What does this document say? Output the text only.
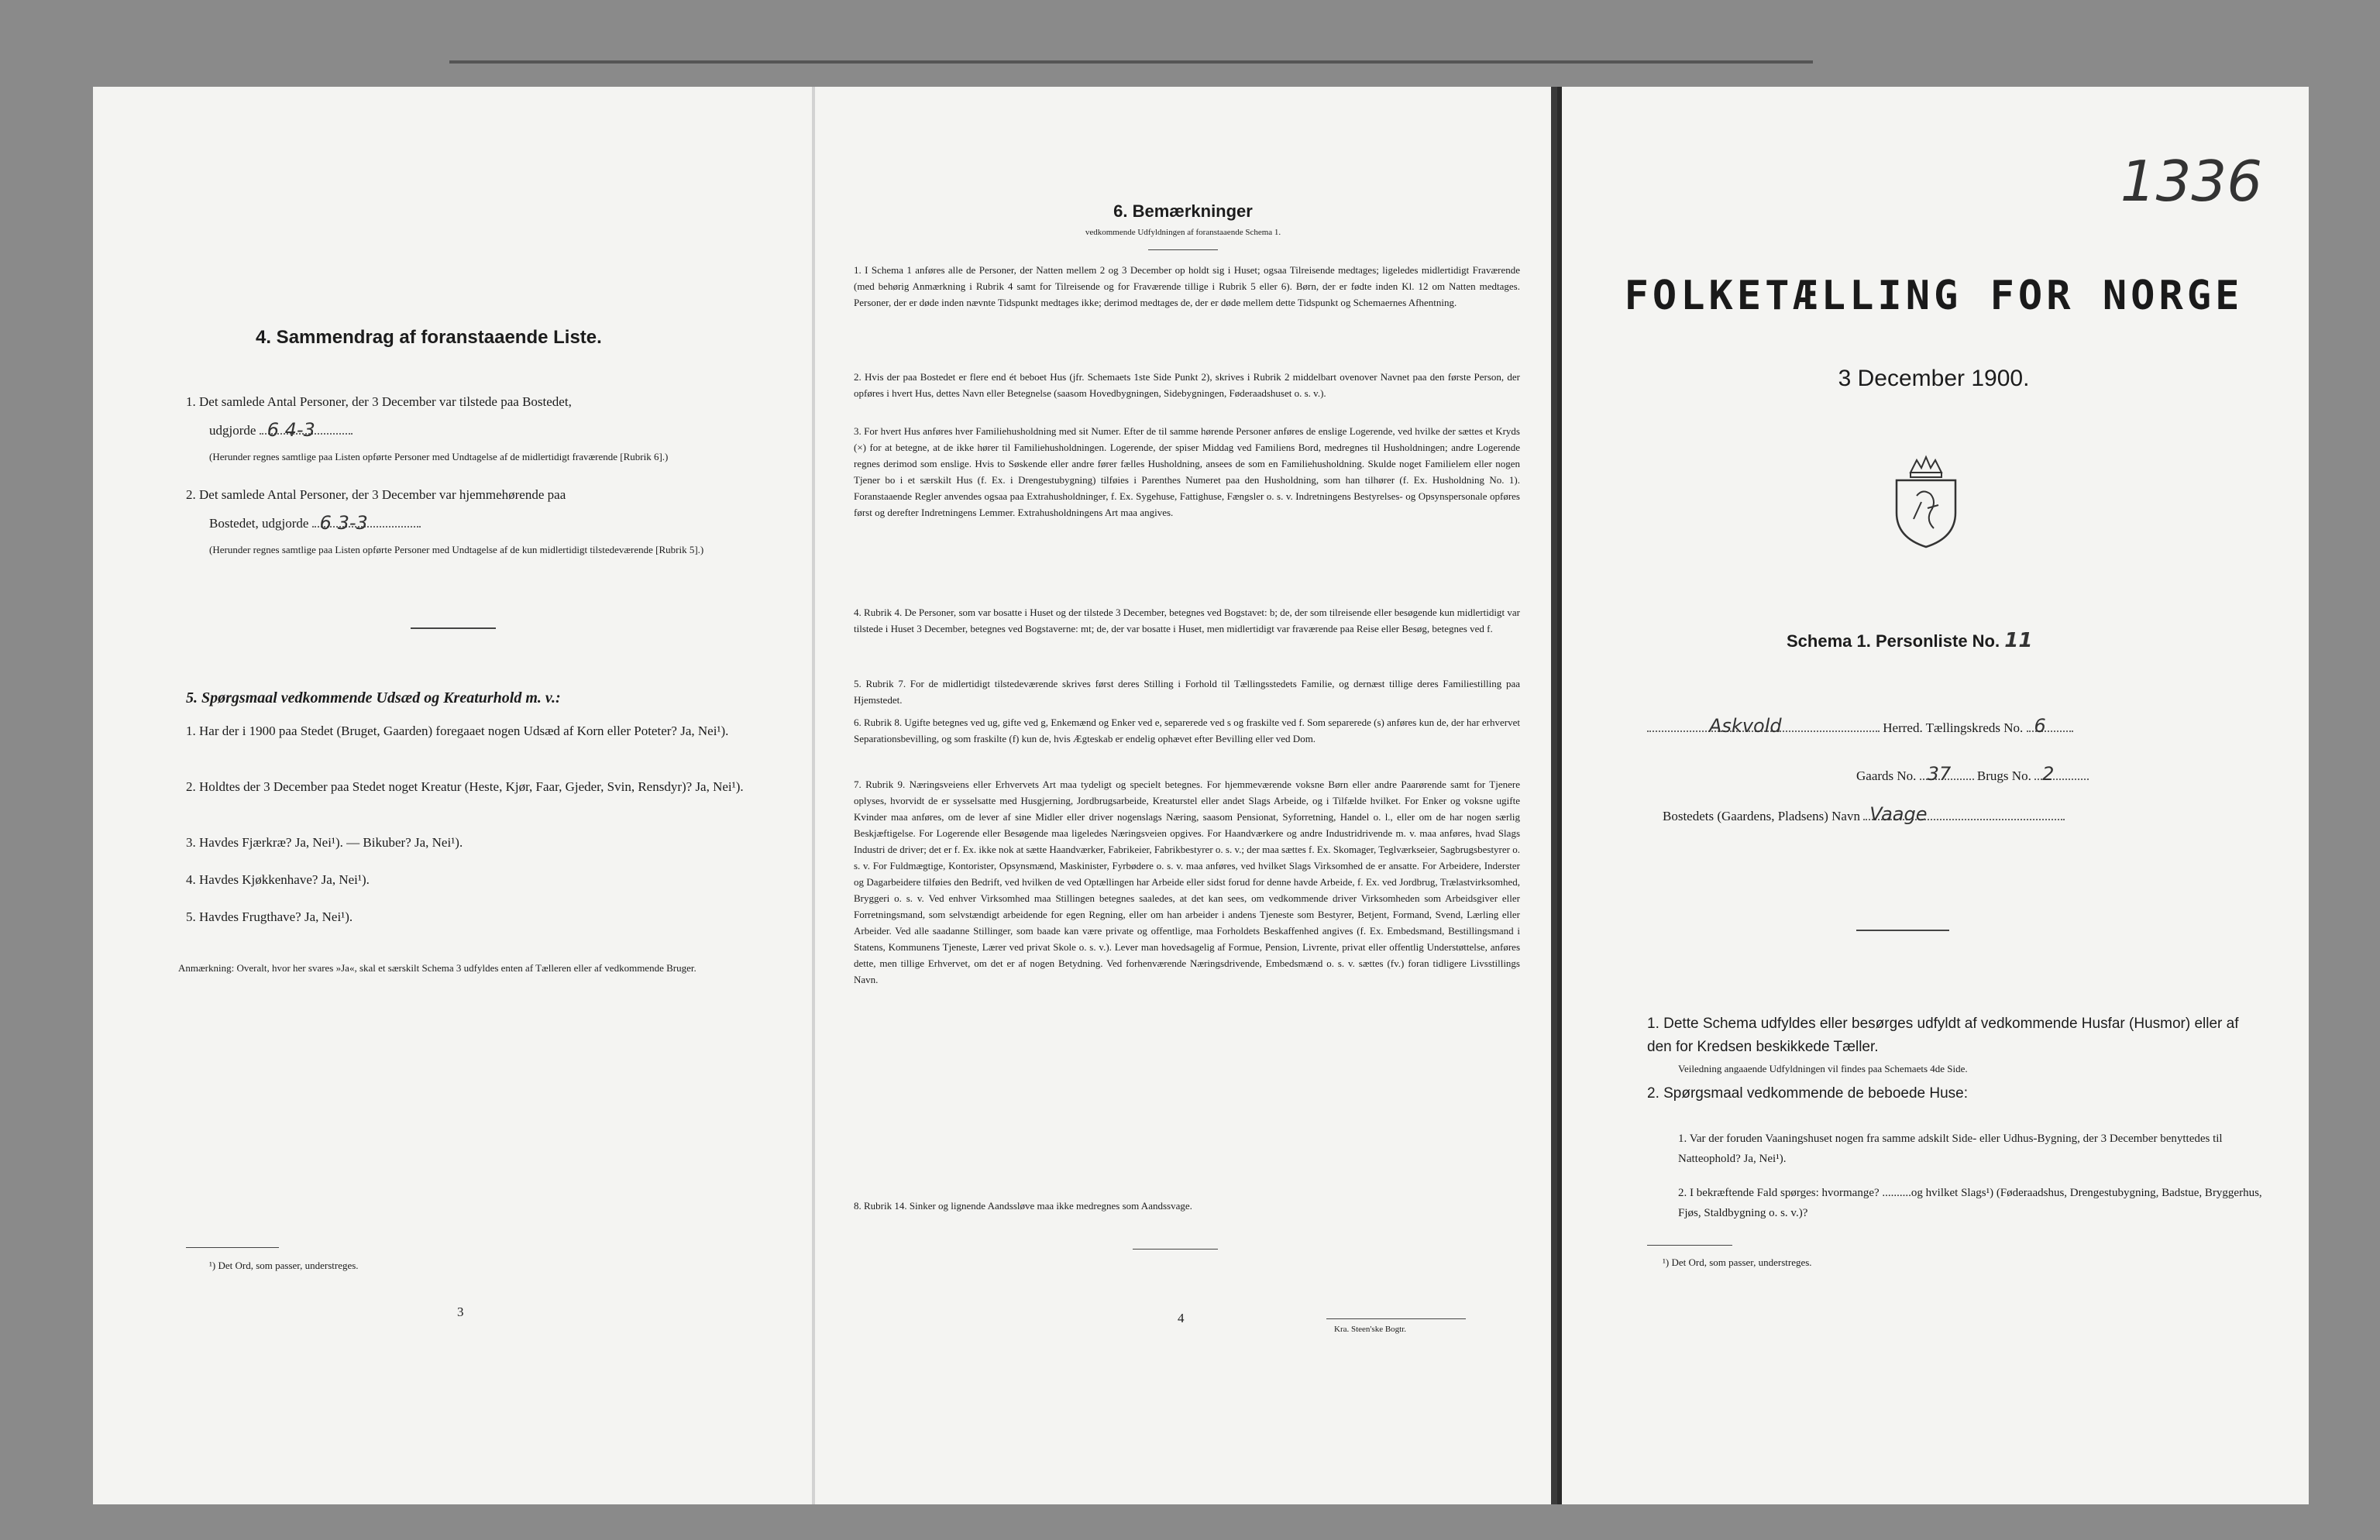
4. Sammendrag af foranstaaende Liste.
1. Det samlede Antal Personer, der 3 December var tilstede paa Bostedet,
udgjorde 6 4-3
(Herunder regnes samtlige paa Listen opførte Personer med Undtagelse af de midlertidigt fraværende [Rubrik 6].)
2. Det samlede Antal Personer, der 3 December var hjemmehørende paa
Bostedet, udgjorde 6 3-3
(Herunder regnes samtlige paa Listen opførte Personer med Undtagelse af de kun midlertidigt tilstedeværende [Rubrik 5].)
5. Spørgsmaal vedkommende Udsæd og Kreaturhold m. v.:
1. Har der i 1900 paa Stedet (Bruget, Gaarden) foregaaet nogen Udsæd af Korn eller Poteter? Ja, Nei¹).
2. Holdtes der 3 December paa Stedet noget Kreatur (Heste, Kjør, Faar, Gjeder, Svin, Rensdyr)? Ja, Nei¹).
3. Havdes Fjærkræ? Ja, Nei¹). — Bikuber? Ja, Nei¹).
4. Havdes Kjøkkenhave? Ja, Nei¹).
5. Havdes Frugthave? Ja, Nei¹).
Anmærkning: Overalt, hvor her svares »Ja«, skal et særskilt Schema 3 udfyldes enten af Tælleren eller af vedkommende Bruger.
¹) Det Ord, som passer, understreges.
3
6. Bemærkninger
vedkommende Udfyldningen af foranstaaende Schema 1.
1. I Schema 1 anføres alle de Personer, der Natten mellem 2 og 3 December op holdt sig i Huset; ogsaa Tilreisende medtages; ligeledes midlertidigt Fraværende (med behørig Anmærkning i Rubrik 4 samt for Tilreisende og for Fraværende tillige i Rubrik 5 eller 6). Børn, der er fødte inden Kl. 12 om Natten medtages. Personer, der er døde inden nævnte Tidspunkt medtages ikke; derimod medtages de, der er døde mellem dette Tidspunkt og Schemaernes Afhentning.
2. Hvis der paa Bostedet er flere end ét beboet Hus (jfr. Schemaets 1ste Side Punkt 2), skrives i Rubrik 2 middelbart ovenover Navnet paa den første Person, der opføres i hvert Hus, dettes Navn eller Betegnelse (saasom Hovedbygningen, Sidebygningen, Føderaadshuset o. s. v.).
3. For hvert Hus anføres hver Familiehusholdning med sit Numer. Efter de til samme hørende Personer anføres de enslige Logerende, ved hvilke der sættes et Kryds (×) for at betegne, at de ikke hører til Familiehusholdningen. Logerende, der spiser Middag ved Familiens Bord, medregnes til Husholdningen; andre Logerende regnes derimod som enslige. Hvis to Søskende eller andre fører fælles Husholdning, ansees de som en Familiehusholdning. Skulde noget Familielem eller nogen Tjener bo i et særskilt Hus (f. Ex. i Drengestubygning) tilføies i Parenthes Numeret paa den Husholdning, som han tilhører (f. Ex. Husholdning No. 1). Foranstaaende Regler anvendes ogsaa paa Extrahusholdninger, f. Ex. Sygehuse, Fattighuse, Fængsler o. s. v. Indretningens Bestyrelses- og Opsynspersonale opføres først og derefter Indretningens Lemmer. Extrahusholdningens Art maa angives.
4. Rubrik 4. De Personer, som var bosatte i Huset og der tilstede 3 December, betegnes ved Bogstavet: b; de, der som tilreisende eller besøgende kun midlertidigt var tilstede i Huset 3 December, betegnes ved Bogstaverne: mt; de, der var bosatte i Huset, men midlertidigt var fraværende paa Reise eller Besøg, betegnes ved f.
5. Rubrik 7. For de midlertidigt tilstedeværende skrives først deres Stilling i Forhold til Tællingsstedets Familie, og dernæst tillige deres Familiestilling paa Hjemstedet.
6. Rubrik 8. Ugifte betegnes ved ug, gifte ved g, Enkemænd og Enker ved e, separerede ved s og fraskilte ved f. Som separerede (s) anføres kun de, der har erhvervet Separationsbevilling, og som fraskilte (f) kun de, hvis Ægteskab er endelig ophævet efter Bevilling eller ved Dom.
7. Rubrik 9. Næringsveiens eller Erhvervets Art maa tydeligt og specielt betegnes. For hjemmeværende voksne Børn eller andre Paarørende samt for Tjenere oplyses, hvorvidt de er sysselsatte med Husgjerning, Jordbrugsarbeide, Kreaturstel eller andet Slags Arbeide, og i Tilfælde hvilket. For Enker og voksne ugifte Kvinder maa anføres, om de lever af sine Midler eller driver nogenslags Næring, saasom Pensionat, Syforretning, Handel o. l., eller om de har nogen særlig Beskjæftigelse. For Logerende eller Besøgende maa ligeledes Næringsveien opgives. For Haandværkere og andre Industridrivende m. v. maa anføres, hvad Slags Industri de driver; det er f. Ex. ikke nok at sætte Haandværker, Fabrikeier, Fabrikbestyrer o. s. v.; der maa sættes f. Ex. Skomager, Teglværkseier, Sagbrugsbestyrer o. s. v. For Fuldmægtige, Kontorister, Opsynsmænd, Maskinister, Fyrbødere o. s. v. maa anføres, ved hvilket Slags Virksomhed de er ansatte. For Arbeidere, Inderster og Dagarbeidere tilføies den Bedrift, ved hvilken de ved Optællingen har Arbeide eller sidst forud for denne havde Arbeide, f. Ex. ved Jordbrug, Trælastvirksomhed, Bryggeri o. s. v. Ved enhver Virksomhed maa Stillingen betegnes saaledes, at det kan sees, om vedkommende driver Virksomheden som Arbeidsgiver eller Forretningsmand, som selvstændigt arbeidende for egen Regning, eller om han arbeider i andens Tjeneste som Bestyrer, Betjent, Formand, Svend, Lærling eller Arbeider. Ved alle saadanne Stillinger, som baade kan være private og offentlige, maa Forholdets Beskaffenhed angives (f. Ex. Embedsmand, Bestillingsmand i Statens, Kommunens Tjeneste, Lærer ved privat Skole o. s. v.). Lever man hovedsagelig af Formue, Pension, Livrente, privat eller offentlig Understøttelse, anføres dette, men tillige Erhvervet, om det er af nogen Betydning. Ved forhenværende Næringsdrivende, Embedsmænd o. s. v. sættes (fv.) foran tidligere Livsstillings Navn.
8. Rubrik 14. Sinker og lignende Aandssløve maa ikke medregnes som Aandssvage.
4
Kra. Steen'ske Bogtr.
1336
FOLKETÆLLING FOR NORGE
3 December 1900.
Schema 1. Personliste No. 11
Askvold	Herred. Tællingskreds No. 6
Gaards No. 37 Brugs No. 2
Bostedets (Gaardens, Pladsens) Navn Vaage
1. Dette Schema udfyldes eller besørges udfyldt af vedkommende Husfar (Husmor) eller af den for Kredsen beskikkede Tæller.
Veiledning angaaende Udfyldningen vil findes paa Schemaets 4de Side.
2. Spørgsmaal vedkommende de beboede Huse:
1. Var der foruden Vaaningshuset nogen fra samme adskilt Side- eller Udhus-Bygning, der 3 December benyttedes til Natteophold? Ja, Nei¹).
2. I bekræftende Fald spørges: hvormange? ..........og hvilket Slags¹) (Føderaadshus, Drengestubygning, Badstue, Bryggerhus, Fjøs, Staldbygning o. s. v.)?
¹) Det Ord, som passer, understreges.
